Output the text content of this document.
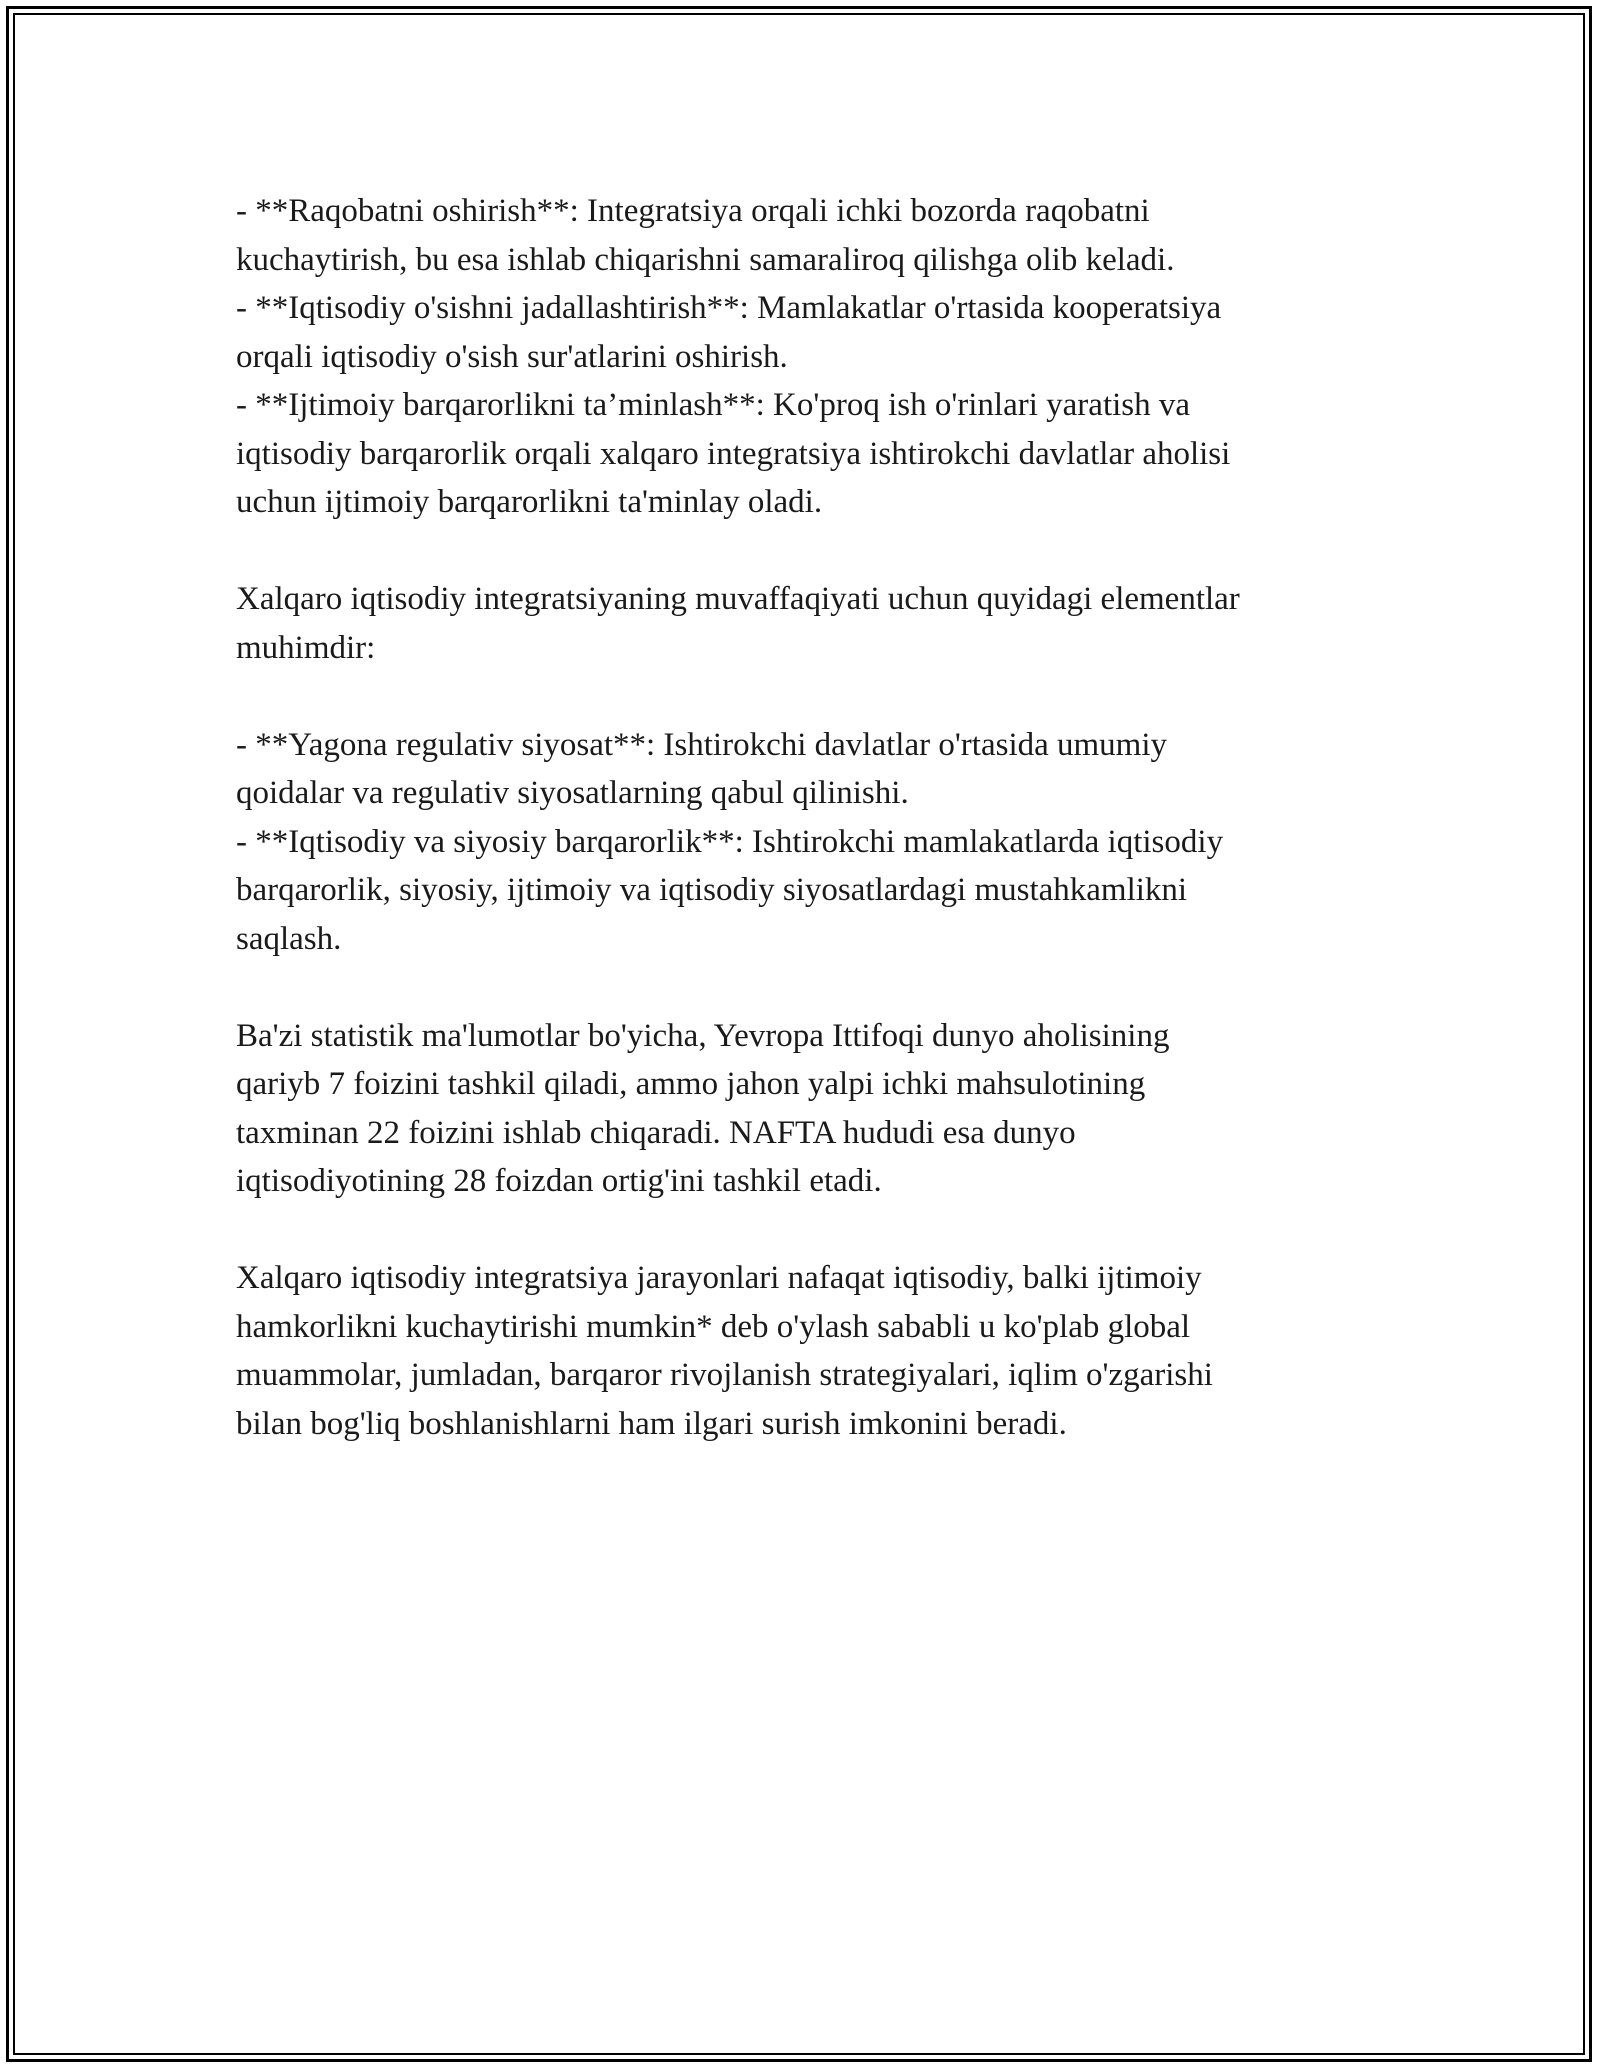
- **Raqobatni oshirish**: Integratsiya orqali ichki bozorda raqobatni
kuchaytirish, bu esa ishlab chiqarishni samaraliroq qilishga olib keladi.
- **Iqtisodiy o'sishni jadallashtirish**: Mamlakatlar o'rtasida kooperatsiya
orqali iqtisodiy o'sish sur'atlarini oshirish.
- **Ijtimoiy barqarorlikni ta’minlash**: Ko'proq ish o'rinlari yaratish va
iqtisodiy barqarorlik orqali xalqaro integratsiya ishtirokchi davlatlar aholisi
uchun ijtimoiy barqarorlikni ta'minlay oladi.
Xalqaro iqtisodiy integratsiyaning muvaffaqiyati uchun quyidagi elementlar
muhimdir:
- **Yagona regulativ siyosat**: Ishtirokchi davlatlar o'rtasida umumiy
qoidalar va regulativ siyosatlarning qabul qilinishi.
- **Iqtisodiy va siyosiy barqarorlik**: Ishtirokchi mamlakatlarda iqtisodiy
barqarorlik, siyosiy, ijtimoiy va iqtisodiy siyosatlardagi mustahkamlikni
saqlash.
Ba'zi statistik ma'lumotlar bo'yicha, Yevropa Ittifoqi dunyo aholisining
qariyb 7 foizini tashkil qiladi, ammo jahon yalpi ichki mahsulotining
taxminan 22 foizini ishlab chiqaradi. NAFTA hududi esa dunyo
iqtisodiyotining 28 foizdan ortig'ini tashkil etadi.
Xalqaro iqtisodiy integratsiya jarayonlari nafaqat iqtisodiy, balki ijtimoiy
hamkorlikni kuchaytirishi mumkin* deb o'ylash sababli u ko'plab global
muammolar, jumladan, barqaror rivojlanish strategiyalari, iqlim o'zgarishi
bilan bog'liq boshlanishlarni ham ilgari surish imkonini beradi.
